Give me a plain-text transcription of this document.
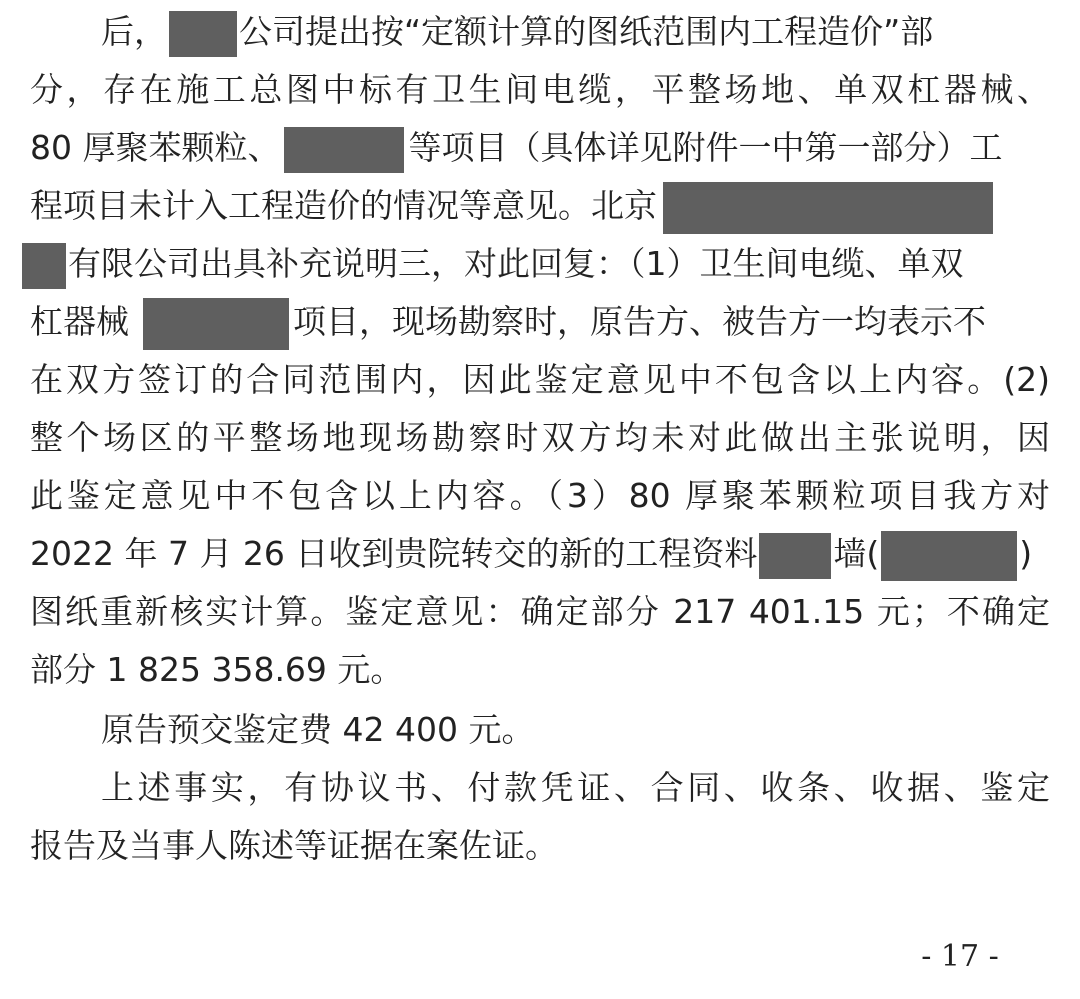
后， 公司提出按“定额计算的图纸范围内工程造价”部
分，存在施工总图中标有卫生间电缆，平整场地、单双杠器械、
80 厚聚苯颗粒、	等项目（具体详见附件一中第一部分）工
程项目未计入工程造价的情况等意见。北京
有限公司出具补充说明三，对此回复：（1）卫生间电缆、单双
杠器械	项目，现场勘察时，原告方、被告方一均表示不
在双方签订的合同范围内，因此鉴定意见中不包含以上内容。(2)
整个场区的平整场地现场勘察时双方均未对此做出主张说明，因
此鉴定意见中不包含以上内容。（3）80 厚聚苯颗粒项目我方对
2022 年 7 月 26 日收到贵院转交的新的工程资料 墙(	)
图纸重新核实计算。鉴定意见：确定部分 217 401.15 元；不确定
部分 1 825 358.69 元。
原告预交鉴定费 42 400 元。
上述事实，有协议书、付款凭证、合同、收条、收据、鉴定
报告及当事人陈述等证据在案佐证。
- 17 -
